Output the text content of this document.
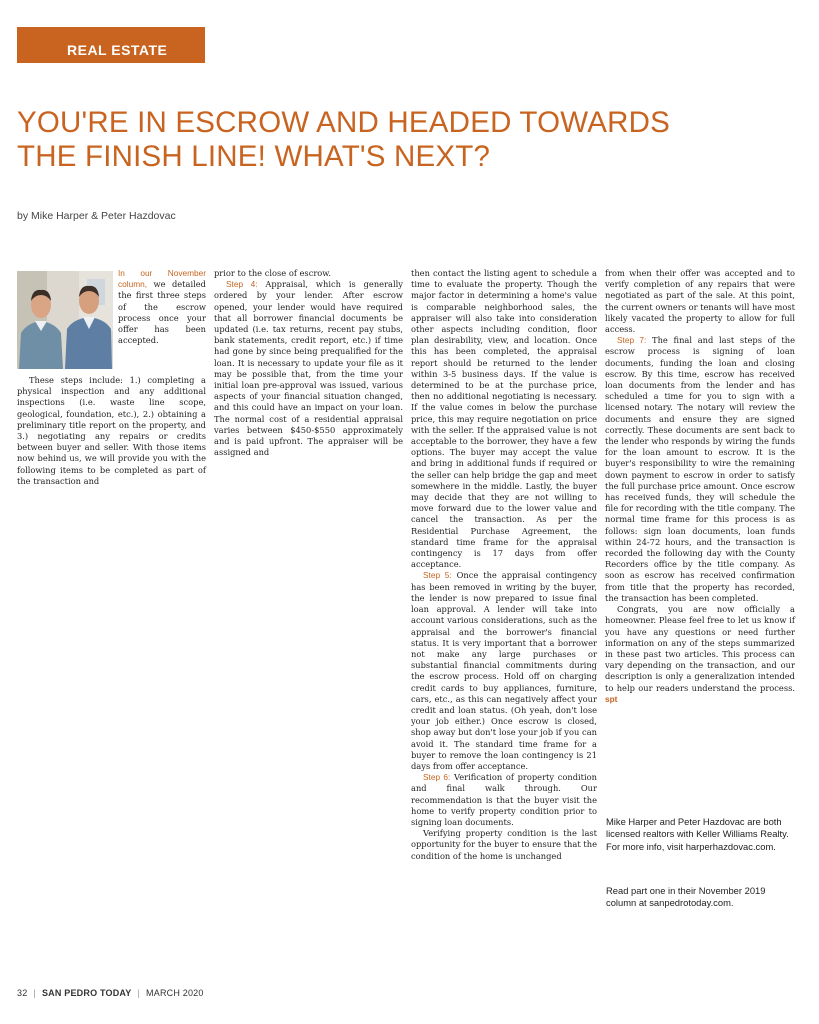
REAL ESTATE
YOU'RE IN ESCROW AND HEADED TOWARDS
THE FINISH LINE! WHAT'S NEXT?
by Mike Harper & Peter Hazdovac

In our November column, we detailed the first three steps of the escrow process once your offer has been accepted.

These steps include: 1.) completing a physical inspection and any additional inspections (i.e. waste line scope, geological, foundation, etc.), 2.) obtaining a preliminary title report on the property, and 3.) negotiating any repairs or credits between buyer and seller. With those items now behind us, we will provide you with the following items to be completed as part of the transaction and

prior to the close of escrow.

Step 4: Appraisal, which is generally ordered by your lender. After escrow opened, your lender would have required that all borrower financial documents be updated (i.e. tax returns, recent pay stubs, bank statements, credit report, etc.) if time had gone by since being prequalified for the loan. It is necessary to update your file as it may be possible that, from the time your initial loan pre-approval was issued, various aspects of your financial situation changed, and this could have an impact on your loan. The normal cost of a residential appraisal varies between $450-$550 approximately and is paid upfront. The appraiser will be assigned and

then contact the listing agent to schedule a time to evaluate the property. Though the major factor in determining a home's value is comparable neighborhood sales, the appraiser will also take into consideration other aspects including condition, floor plan desirability, view, and location. Once this has been completed, the appraisal report should be returned to the lender within 3-5 business days. If the value is determined to be at the purchase price, then no additional negotiating is necessary. If the value comes in below the purchase price, this may require negotiation on price with the seller. If the appraised value is not acceptable to the borrower, they have a few options. The buyer may accept the value and bring in additional funds if required or the seller can help bridge the gap and meet somewhere in the middle. Lastly, the buyer may decide that they are not willing to move forward due to the lower value and cancel the transaction. As per the Residential Purchase Agreement, the standard time frame for the appraisal contingency is 17 days from offer acceptance.

Step 5: Once the appraisal contingency has been removed in writing by the buyer, the lender is now prepared to issue final loan approval. A lender will take into account various considerations, such as the appraisal and the borrower's financial status. It is very important that a borrower not make any large purchases or substantial financial commitments during the escrow process. Hold off on charging credit cards to buy appliances, furniture, cars, etc., as this can negatively affect your credit and loan status. (Oh yeah, don't lose your job either.) Once escrow is closed, shop away but don't lose your job if you can avoid it. The standard time frame for a buyer to remove the loan contingency is 21 days from offer acceptance.

Step 6: Verification of property condition and final walk through. Our recommendation is that the buyer visit the home to verify property condition prior to signing loan documents.

Verifying property condition is the last opportunity for the buyer to ensure that the condition of the home is unchanged

from when their offer was accepted and to verify completion of any repairs that were negotiated as part of the sale. At this point, the current owners or tenants will have most likely vacated the property to allow for full access.

Step 7: The final and last steps of the escrow process is signing of loan documents, funding the loan and closing escrow. By this time, escrow has received loan documents from the lender and has scheduled a time for you to sign with a licensed notary. The notary will review the documents and ensure they are signed correctly. These documents are sent back to the lender who responds by wiring the funds for the loan amount to escrow. It is the buyer's responsibility to wire the remaining down payment to escrow in order to satisfy the full purchase price amount. Once escrow has received funds, they will schedule the file for recording with the title company. The normal time frame for this process is as follows: sign loan documents, loan funds within 24-72 hours, and the transaction is recorded the following day with the County Recorders office by the title company. As soon as escrow has received confirmation from title that the property has recorded, the transaction has been completed.

Congrats, you are now officially a homeowner. Please feel free to let us know if you have any questions or need further information on any of the steps summarized in these past two articles. This process can vary depending on the transaction, and our description is only a generalization intended to help our readers understand the process. spt

Mike Harper and Peter Hazdovac are both licensed realtors with Keller Williams Realty. For more info, visit harperhazdovac.com.
Read part one in their November 2019 column at sanpedrotoday.com.
32 | SAN PEDRO TODAY | MARCH 2020
